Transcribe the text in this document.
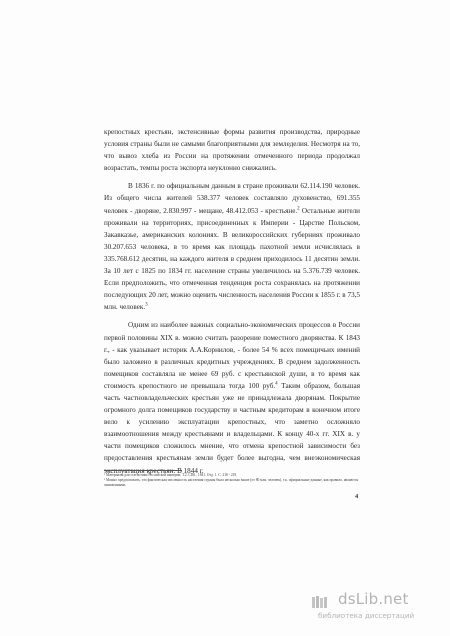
крепостных крестьян, экстенсивные формы развития производства, природные условия страны были не самыми благоприятными для земледелия. Несмотря на то, что вывоз хлеба из России на протяжении отмеченного периода продолжал возрастать, темпы роста экспорта неуклонно снижались.

В 1836 г. по официальным данным в стране проживали 62.114.190 человек. Из общего числа жителей 538.377 человек составляло духовенство, 691.355 человек - дворяне, 2.830.997 - мещане, 48.412.053 - крестьяне.$^2$ Остальные жители проживали на территориях, присоединенных к Империи - Царстве Польском, Закавказье, американских колониях. В великороссийских губерниях проживало 30.207.653 человека, в то время как площадь пахотной земли исчислялась в 335.768.612 десятин, на каждого жителя в среднем приходилось 11 десятин земли. За 10 лет с 1825 по 1834 гг. население страны увеличилось на 5.376.739 человек. Если предположить, что отмеченная тенденция роста сохранялась на протяжении последующих 20 лет, можно оценить численность населения России к 1855 г. в 73,5 млн. человек.$^3$

Одним из наиболее важных социально-экономических процессов в России первой половины XIX в. можно считать разорение поместного дворянства. К 1843 г., - как указывает историк А.А.Корнилов, - более 54 % всех помещичьих имений было заложено в различных кредитных учреждениях. В среднем задолженность помещиков составляла не менее 69 руб. с крестьянской души, в то время как стоимость крепостного не превышала тогда 100 руб.$^4$ Таким образом, большая часть частновладельческих крестьян уже не принадлежала дворянам. Покрытие огромного долга помещиков государству и частным кредиторам в конечном итоге вело к усилению эксплуатации крепостных, что заметно осложняло взаимоотношения между крестьянами и владельцами. К концу 40-х гг. XIX в. у части помещиков сложилось мнение, что отмена крепостной зависимости без предоставления крестьянам земли будет более выгодна, чем внеэкономическая эксплуатация крестьян. В 1844 г.

² Материалы для статистики Российской империи. Т.2. СПб., 1841. Отд. 1. С. 218 - 219.
³ Можно предположить, что фактическая численность населения страны была несколько выше (от 80 млн. человек), т.к. официальные данные, как правило, являются заниженными.
4
dsLib.net
библиотека диссертаций
